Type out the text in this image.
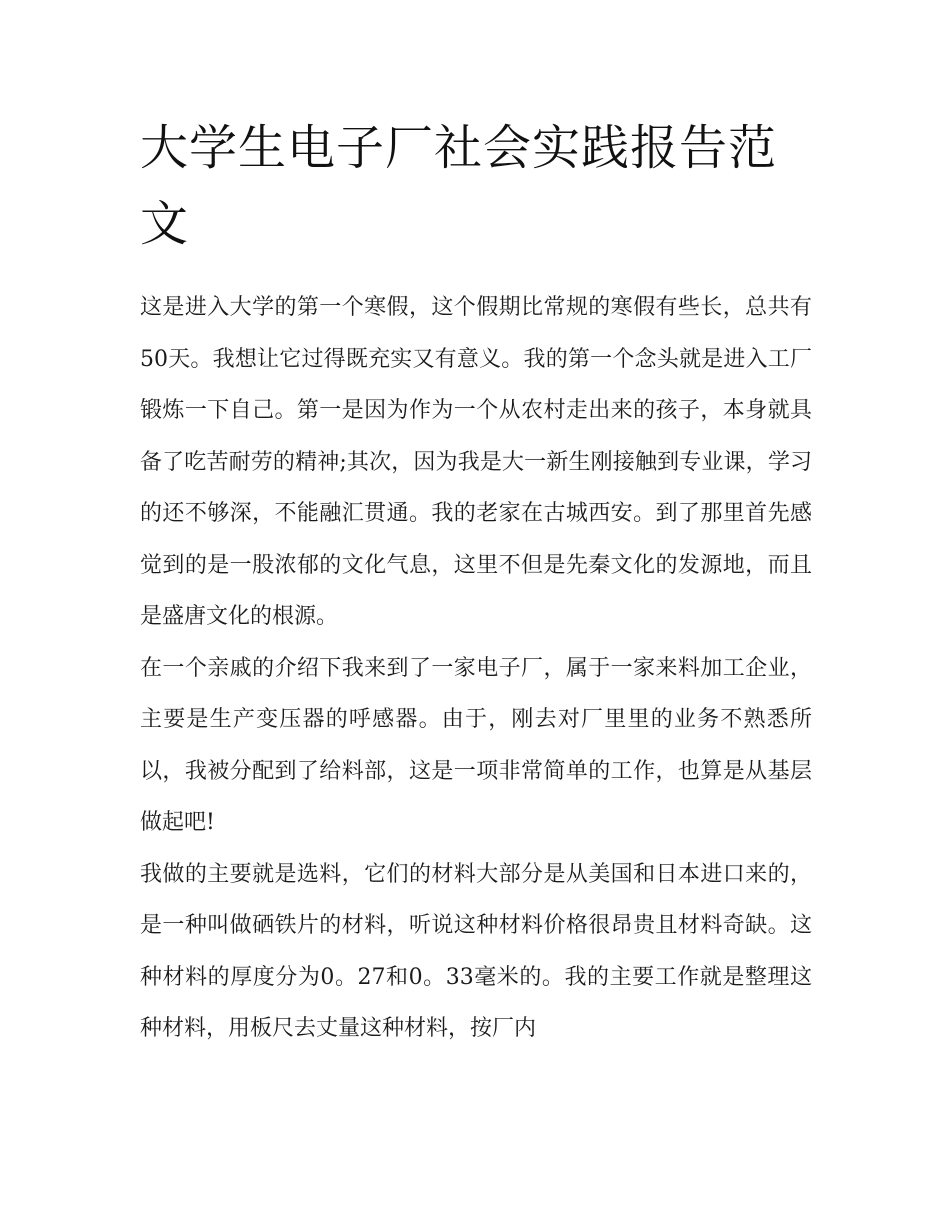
大学生电子厂社会实践报告范文

这是进入大学的第一个寒假，这个假期比常规的寒假有些长，总共有50天。我想让它过得既充实又有意义。我的第一个念头就是进入工厂锻炼一下自己。第一是因为作为一个从农村走出来的孩子，本身就具备了吃苦耐劳的精神;其次，因为我是大一新生刚接触到专业课，学习的还不够深，不能融汇贯通。我的老家在古城西安。到了那里首先感觉到的是一股浓郁的文化气息，这里不但是先秦文化的发源地，而且是盛唐文化的根源。

在一个亲戚的介绍下我来到了一家电子厂，属于一家来料加工企业，主要是生产变压器的呼感器。由于，刚去对厂里里的业务不熟悉所以，我被分配到了给料部，这是一项非常简单的工作，也算是从基层做起吧!

我做的主要就是选料，它们的材料大部分是从美国和日本进口来的，是一种叫做硒铁片的材料，听说这种材料价格很昂贵且材料奇缺。这种材料的厚度分为0。27和0。33毫米的。我的主要工作就是整理这种材料，用板尺去丈量这种材料，按厂内
